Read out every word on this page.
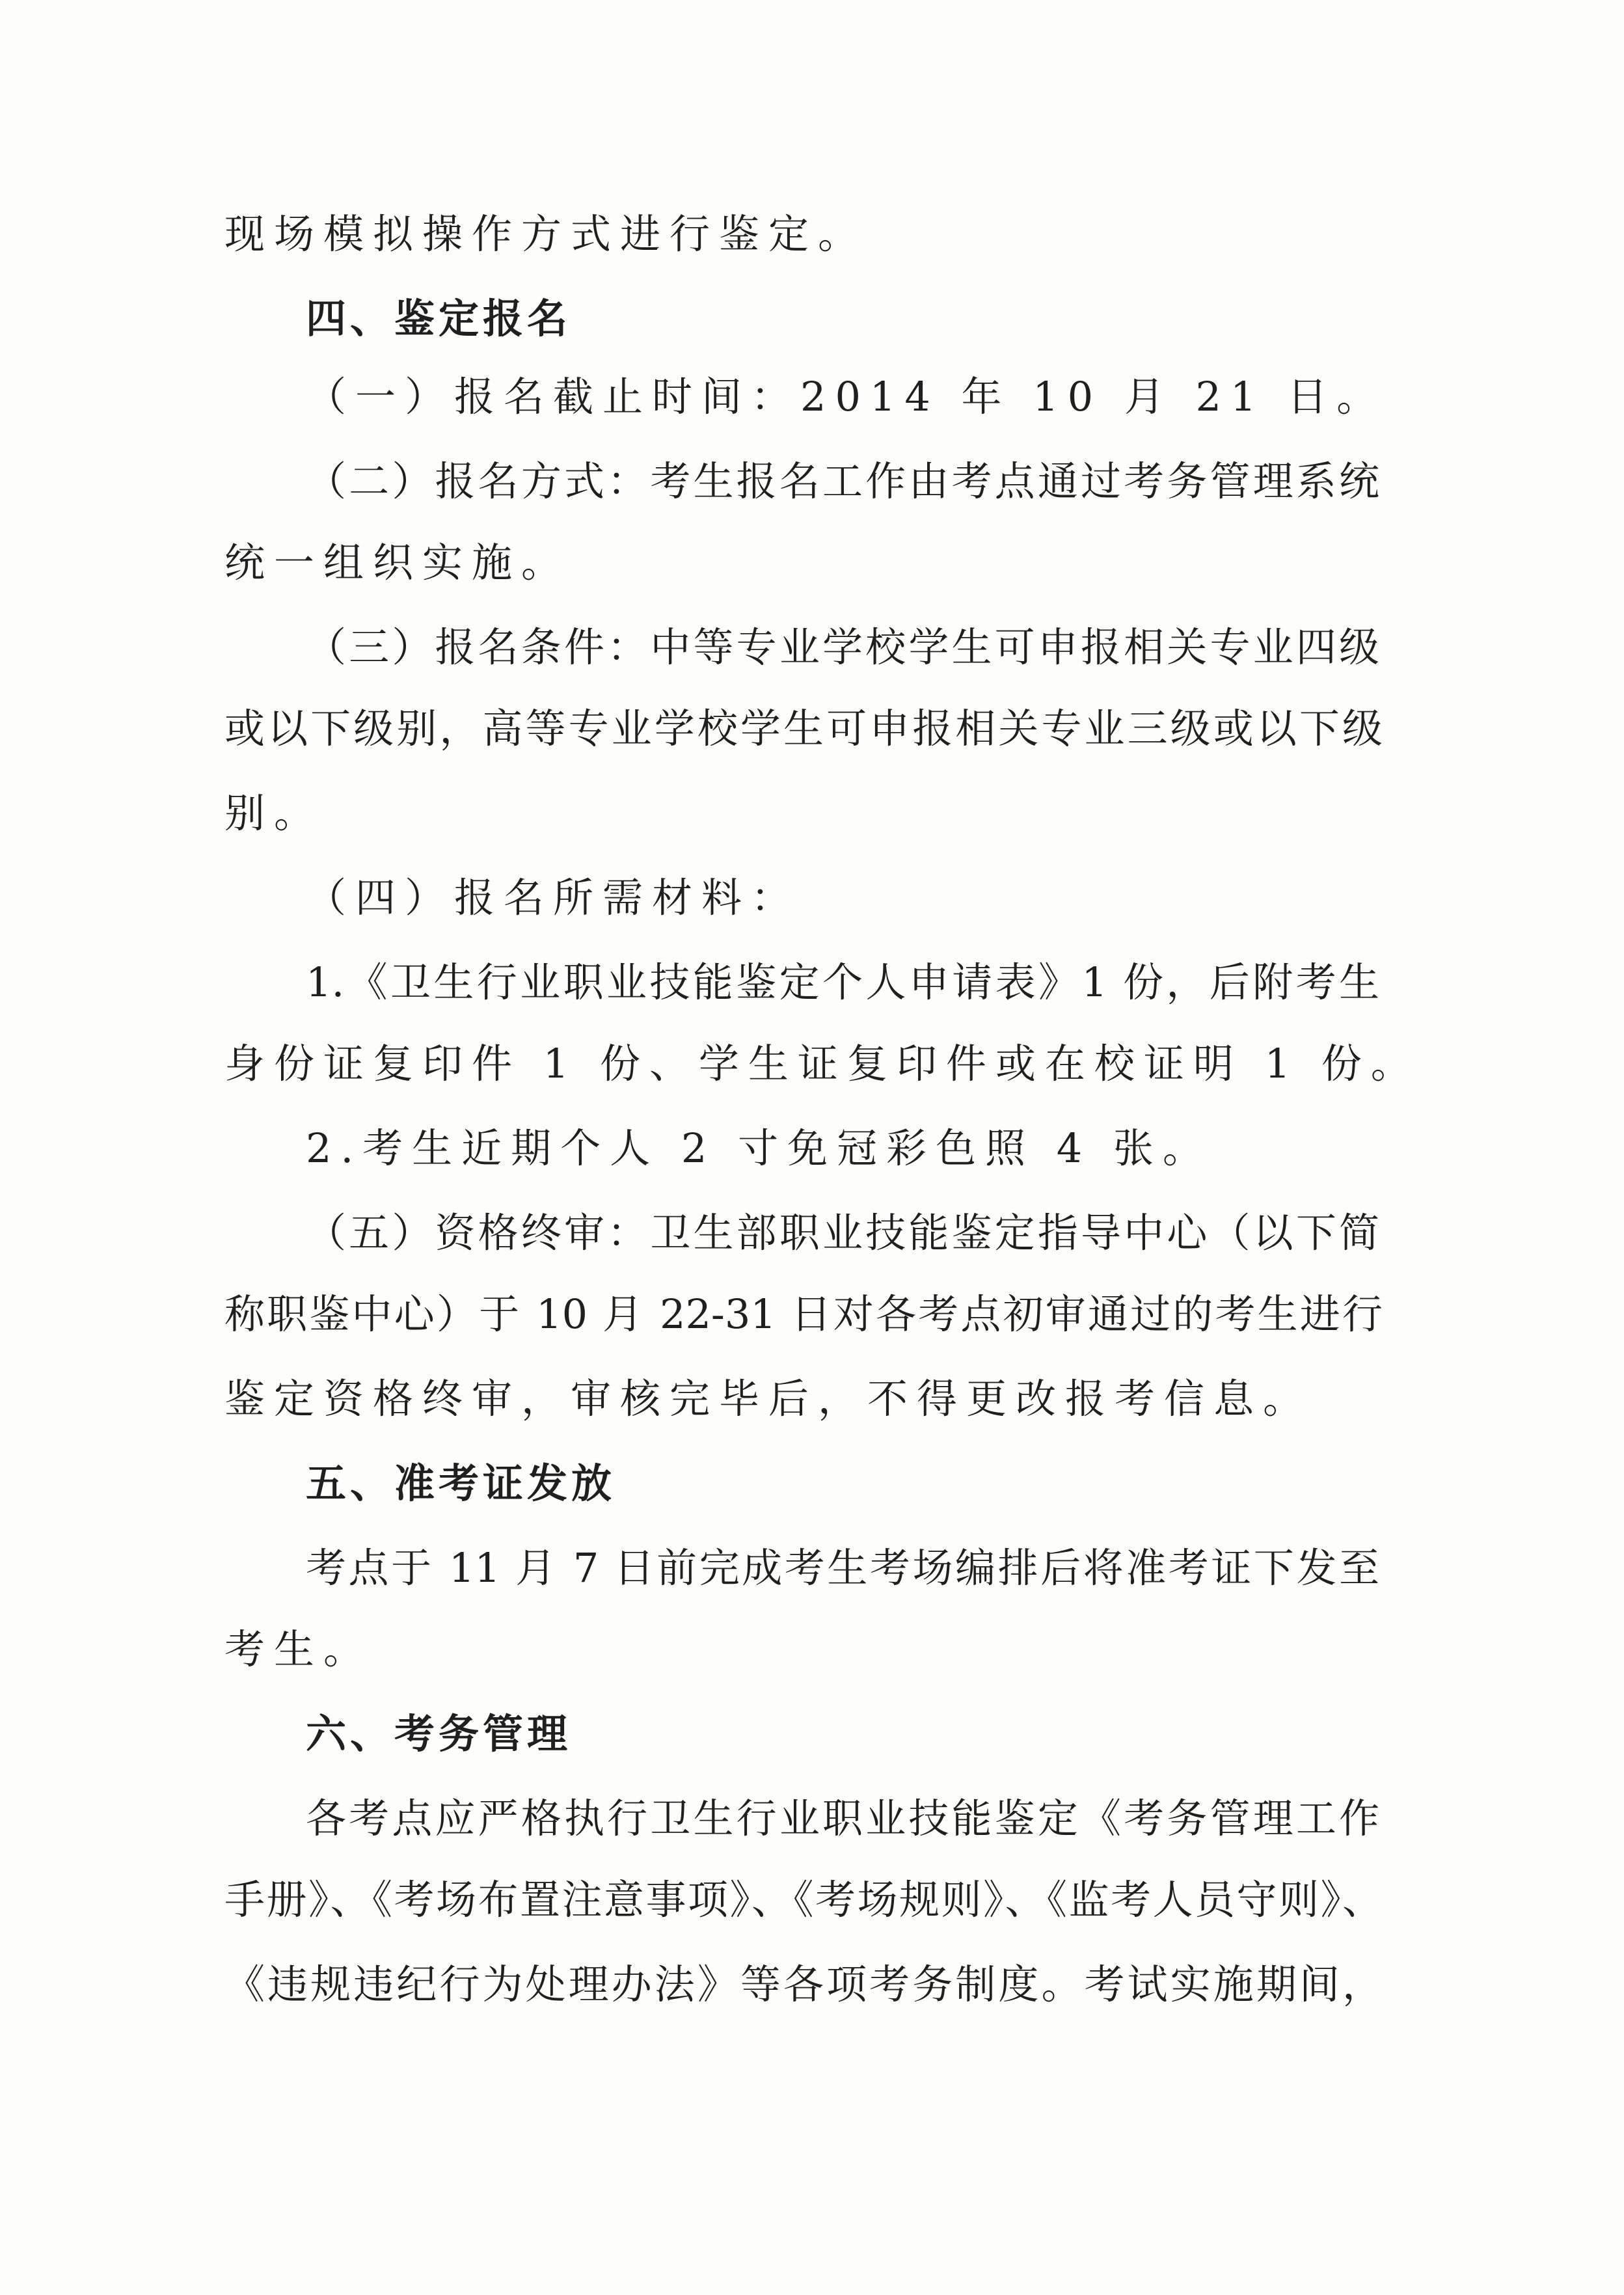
现场模拟操作方式进行鉴定。
四、鉴定报名
（一）报名截止时间：2014 年 10 月 21 日。
（二）报名方式：考生报名工作由考点通过考务管理系统
统一组织实施。
（三）报名条件：中等专业学校学生可申报相关专业四级
或以下级别，高等专业学校学生可申报相关专业三级或以下级
别。
（四）报名所需材料：
1.《卫生行业职业技能鉴定个人申请表》1 份，后附考生
身份证复印件 1 份、学生证复印件或在校证明 1 份。
2.考生近期个人 2 寸免冠彩色照 4 张。
（五）资格终审：卫生部职业技能鉴定指导中心（以下简
称职鉴中心）于 10 月 22-31 日对各考点初审通过的考生进行
鉴定资格终审，审核完毕后，不得更改报考信息。
五、准考证发放
考点于 11 月 7 日前完成考生考场编排后将准考证下发至
考生。
六、考务管理
各考点应严格执行卫生行业职业技能鉴定《考务管理工作
手册》、《考场布置注意事项》、《考场规则》、《监考人员守则》、
《违规违纪行为处理办法》等各项考务制度。考试实施期间，
